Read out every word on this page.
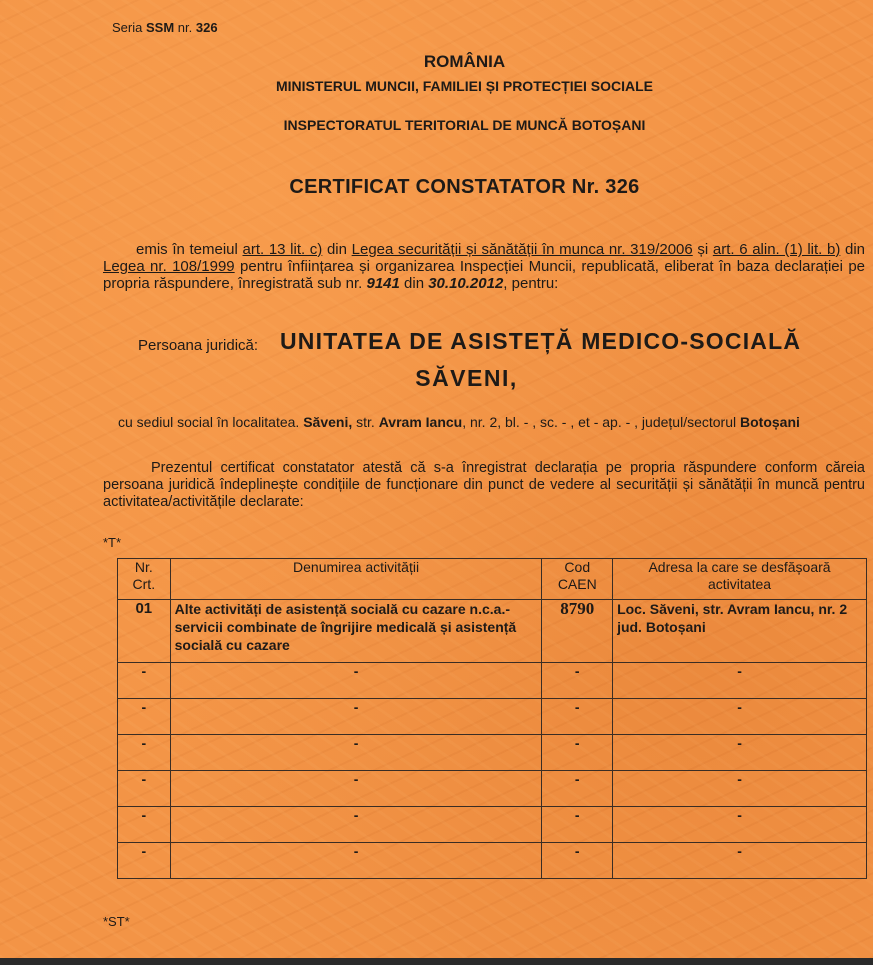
Seria SSM nr. 326
ROMÂNIA
MINISTERUL MUNCII, FAMILIEI ȘI PROTECȚIEI SOCIALE
INSPECTORATUL TERITORIAL DE MUNCĂ BOTOȘANI
CERTIFICAT CONSTATATOR Nr. 326
emis în temeiul art. 13 lit. c) din Legea securității și sănătății în munca nr. 319/2006 și art. 6 alin. (1) lit. b) din Legea nr. 108/1999 pentru înființarea și organizarea Inspecției Muncii, republicată, eliberat în baza declarației pe propria răspundere, înregistrată sub nr. 9141 din 30.10.2012, pentru:
Persoana juridică: UNITATEA DE ASISTEȚĂ MEDICO-SOCIALĂ
SĂVENI,
cu sediul social în localitatea. Săveni, str. Avram Iancu, nr. 2, bl. - , sc. - , et - ap. - , județul/sectorul Botoșani
Prezentul certificat constatator atestă că s-a înregistrat declarația pe propria răspundere conform căreia persoana juridică îndeplinește condițiile de funcționare din punct de vedere al securității și sănătății în muncă pentru activitatea/activitățile declarate:
*T*
Nr. Crt.	Denumirea activității	Cod CAEN	Adresa la care se desfășoară activitatea
01	Alte activități de asistență socială cu cazare n.c.a.- servicii combinate de îngrijire medicală și asistență socială cu cazare	8790	Loc. Săveni, str. Avram Iancu, nr. 2 jud. Botoșani
-	-	-	-
-	-	-	-
-	-	-	-
-	-	-	-
-	-	-	-
-	-	-	-
*ST*
